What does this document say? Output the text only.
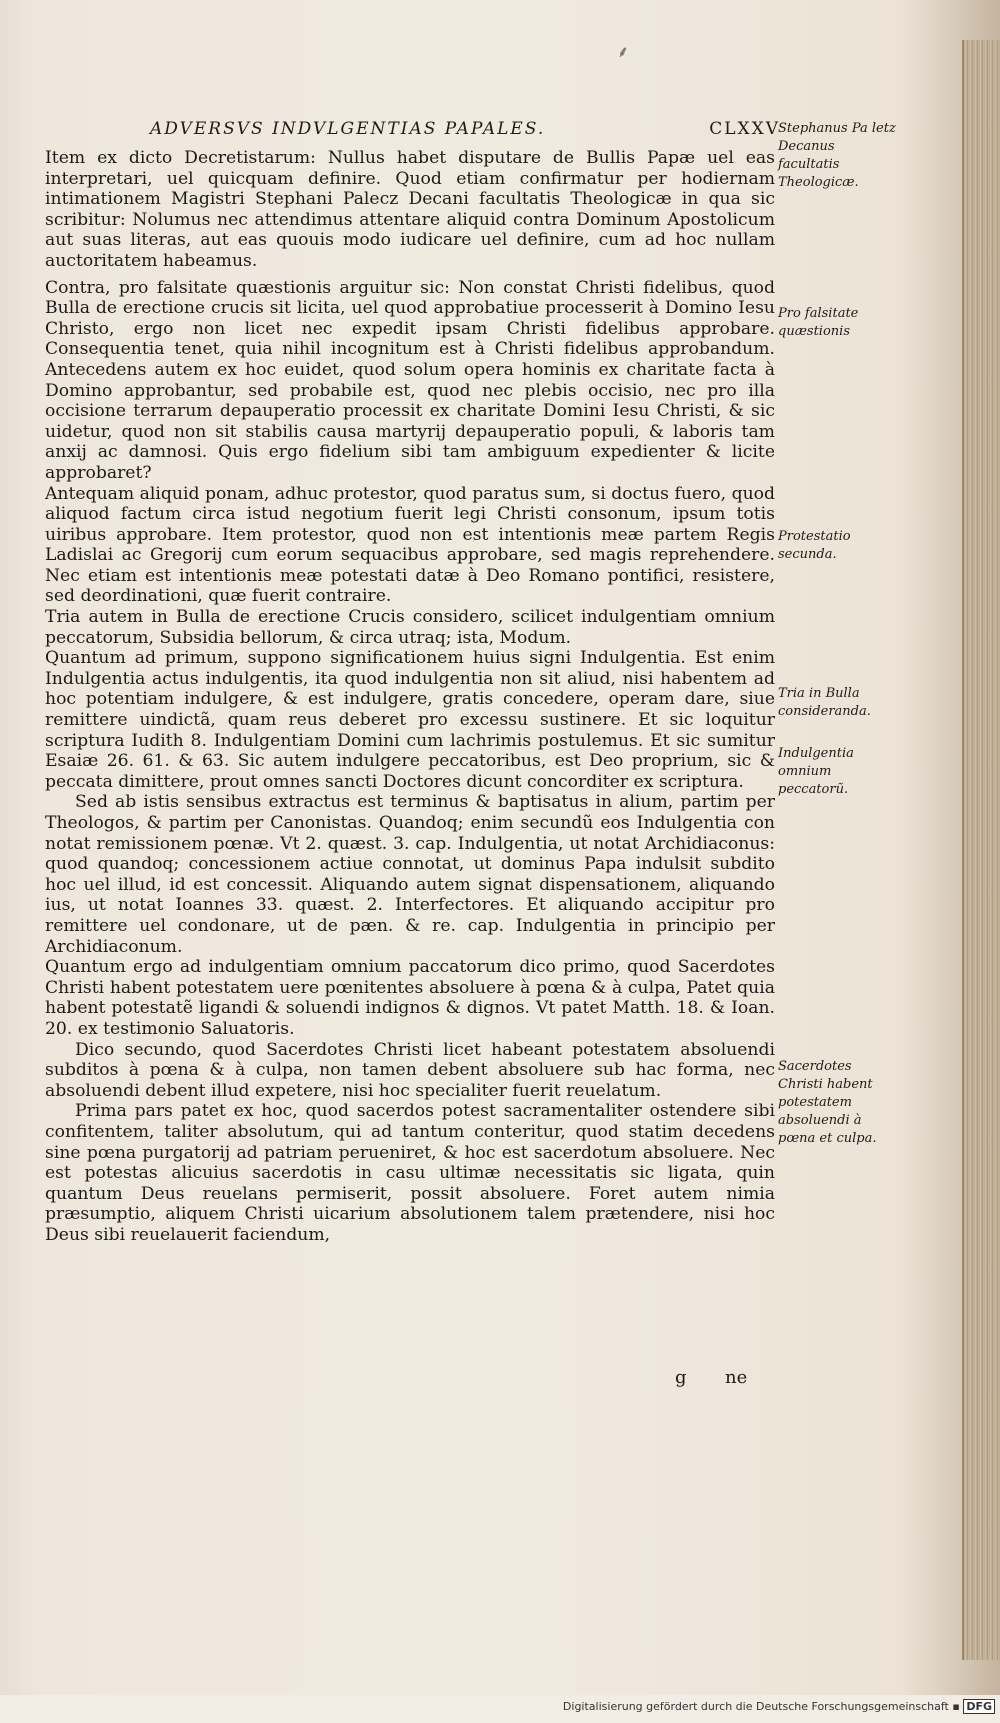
⸙
ADVERSVS INDVLGENTIAS PAPALES.	CLXXV

Item ex dicto Decretistarum: Nullus habet disputare de Bullis Papæ uel eas interpretari, uel quicquam definire. Quod etiam confirmatur per hodiernam intimationem Magistri Stephani Palecz Decani facultatis Theologicæ in qua sic scribitur: Nolumus nec attendimus attentare aliquid contra Dominum Apostolicum aut suas literas, aut eas quouis modo iudicare uel definire, cum ad hoc nullam auctoritatem habeamus.

Contra, pro falsitate quæstionis arguitur sic: Non constat Christi fidelibus, quod Bulla de erectione crucis sit licita, uel quod approbatiue processerit à Domino Iesu Christo, ergo non licet nec expedit ipsam Christi fidelibus approbare. Consequentia tenet, quia nihil incognitum est à Christi fidelibus approbandum. Antecedens autem ex hoc euidet, quod solum opera hominis ex charitate facta à Domino approbantur, sed probabile est, quod nec plebis occisio, nec pro illa occisione terrarum depauperatio processit ex charitate Domini Iesu Christi, & sic uidetur, quod non sit stabilis causa martyrij depauperatio populi, & laboris tam anxij ac damnosi. Quis ergo fidelium sibi tam ambiguum expedienter & licite approbaret?

Antequam aliquid ponam, adhuc protestor, quod paratus sum, si doctus fuero, quod aliquod factum circa istud negotium fuerit legi Christi consonum, ipsum totis uiribus approbare. Item protestor, quod non est intentionis meæ partem Regis Ladislai ac Gregorij cum eorum sequacibus approbare, sed magis reprehendere. Nec etiam est intentionis meæ potestati datæ à Deo Romano pontifici, resistere, sed deordinationi, quæ fuerit contraire.

Tria autem in Bulla de erectione Crucis considero, scilicet indulgentiam omnium peccatorum, Subsidia bellorum, & circa utraq; ista, Modum.

Quantum ad primum, suppono significationem huius signi Indulgentia. Est enim Indulgentia actus indulgentis, ita quod indulgentia non sit aliud, nisi habentem ad hoc potentiam indulgere, & est indulgere, gratis concedere, operam dare, siue remittere uindictã, quam reus deberet pro excessu sustinere. Et sic loquitur scriptura Iudith 8. Indulgentiam Domini cum lachrimis postulemus. Et sic sumitur Esaiæ 26. 61. & 63. Sic autem indulgere peccatoribus, est Deo proprium, sic & peccata dimittere, prout omnes sancti Doctores dicunt concorditer ex scriptura.

Sed ab istis sensibus extractus est terminus & baptisatus in alium, partim per Theologos, & partim per Canonistas. Quandoq; enim secundũ eos Indulgentia con notat remissionem pœnæ. Vt 2. quæst. 3. cap. Indulgentia, ut notat Archidiaconus: quod quandoq; concessionem actiue connotat, ut dominus Papa indulsit subdito hoc uel illud, id est concessit. Aliquando autem signat dispensationem, aliquando ius, ut notat Ioannes 33. quæst. 2. Interfectores. Et aliquando accipitur pro remittere uel condonare, ut de pæn. & re. cap. Indulgentia in principio per Archidiaconum.

Quantum ergo ad indulgentiam omnium paccatorum dico primo, quod Sacerdotes Christi habent potestatem uere pœnitentes absoluere à pœna & à culpa, Patet quia habent potestatẽ ligandi & soluendi indignos & dignos. Vt patet Matth. 18. & Ioan. 20. ex testimonio Saluatoris.

Dico secundo, quod Sacerdotes Christi licet habeant potestatem absoluendi subditos à pœna & à culpa, non tamen debent absoluere sub hac forma, nec absoluendi debent illud expetere, nisi hoc specialiter fuerit reuelatum.

Prima pars patet ex hoc, quod sacerdos potest sacramentaliter ostendere sibi confitentem, taliter absolutum, qui ad tantum conteritur, quod statim decedens sine pœna purgatorij ad patriam perueniret, & hoc est sacerdotum absoluere. Nec est potestas alicuius sacerdotis in casu ultimæ necessitatis sic ligata, quin quantum Deus reuelans permiserit, possit absoluere. Foret autem nimia præsumptio, aliquem Christi uicarium absolutionem talem prætendere, nisi hoc Deus sibi reuelauerit faciendum,

Stephanus Pa letz Decanus facultatis Theologicæ.
Pro falsitate quæstionis
Protestatio secunda.
Tria in Bulla consideranda.
Indulgentia omnium peccatorũ.
Sacerdotes Christi habent potestatem absoluendi à pœna et culpa.
g ne
Digitalisierung gefördert durch die Deutsche Forschungsgemeinschaft ▪ DFG
